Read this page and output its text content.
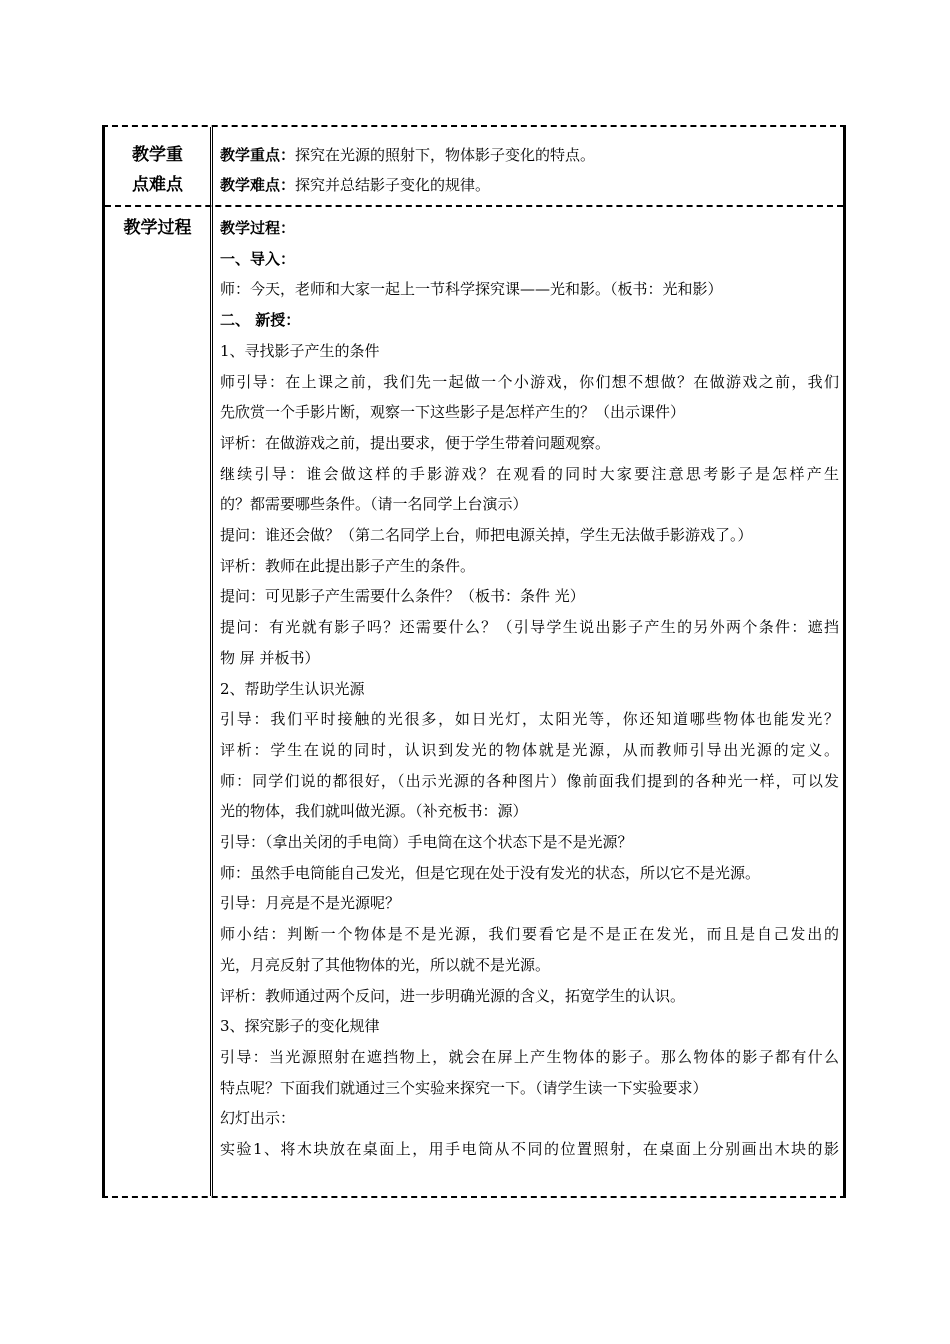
教学重点难点

教学重点：探究在光源的照射下，物体影子变化的特点。

教学难点：探究并总结影子变化的规律。

教学过程	教学过程：

一、导入：

师：今天，老师和大家一起上一节科学探究课——光和影。（板书：光和影）

二、 新授：

1、寻找影子产生的条件

师引导：在上课之前，我们先一起做一个小游戏，你们想不想做？在做游戏之前，我们

先欣赏一个手影片断，观察一下这些影子是怎样产生的？（出示课件）

评析：在做游戏之前，提出要求，便于学生带着问题观察。

继续引导：谁会做这样的手影游戏？在观看的同时大家要注意思考影子是怎样产生

的？都需要哪些条件。（请一名同学上台演示）

提问：谁还会做？（第二名同学上台，师把电源关掉，学生无法做手影游戏了。）

评析：教师在此提出影子产生的条件。

提问：可见影子产生需要什么条件？（板书：条件 光）

提问：有光就有影子吗？还需要什么？（引导学生说出影子产生的另外两个条件：遮挡

物 屏 并板书）

2、帮助学生认识光源

引导：我们平时接触的光很多，如日光灯，太阳光等，你还知道哪些物体也能发光？

评析：学生在说的同时，认识到发光的物体就是光源，从而教师引导出光源的定义。

师：同学们说的都很好，（出示光源的各种图片）像前面我们提到的各种光一样，可以发

光的物体，我们就叫做光源。（补充板书：源）

引导：（拿出关闭的手电筒）手电筒在这个状态下是不是光源？

师：虽然手电筒能自己发光，但是它现在处于没有发光的状态，所以它不是光源。

引导：月亮是不是光源呢？

师小结：判断一个物体是不是光源，我们要看它是不是正在发光，而且是自己发出的

光，月亮反射了其他物体的光，所以就不是光源。

评析：教师通过两个反问，进一步明确光源的含义，拓宽学生的认识。

3、探究影子的变化规律

引导：当光源照射在遮挡物上，就会在屏上产生物体的影子。那么物体的影子都有什么

特点呢？下面我们就通过三个实验来探究一下。（请学生读一下实验要求）

幻灯出示：

实验1、将木块放在桌面上，用手电筒从不同的位置照射，在桌面上分别画出木块的影
